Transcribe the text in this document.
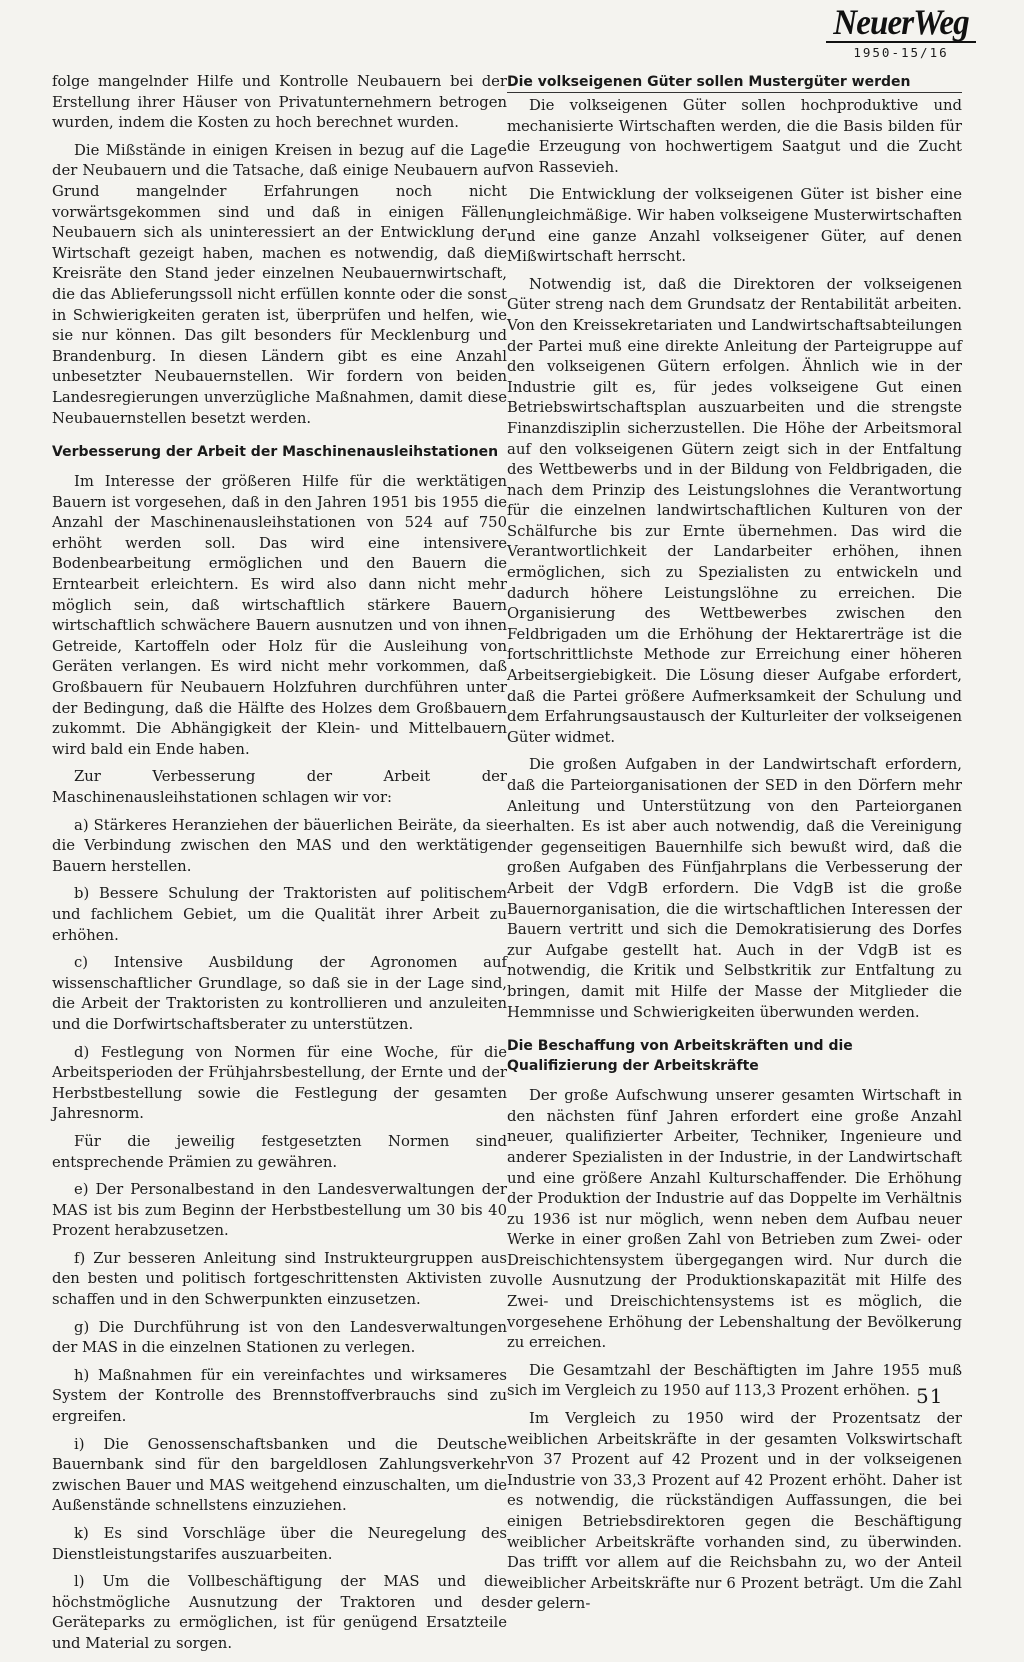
NeuerWeg
1950-15/16

folge mangelnder Hilfe und Kontrolle Neubauern bei der Erstellung ihrer Häuser von Privatunternehmern betrogen wurden, indem die Kosten zu hoch berechnet wurden.

Die Mißstände in einigen Kreisen in bezug auf die Lage der Neubauern und die Tatsache, daß einige Neubauern auf Grund mangelnder Erfahrungen noch nicht vorwärtsgekommen sind und daß in einigen Fällen Neubauern sich als uninteressiert an der Entwicklung der Wirtschaft gezeigt haben, machen es notwendig, daß die Kreisräte den Stand jeder einzelnen Neubauernwirtschaft, die das Ablieferungssoll nicht erfüllen konnte oder die sonst in Schwierigkeiten geraten ist, überprüfen und helfen, wie sie nur können. Das gilt besonders für Mecklenburg und Brandenburg. In diesen Ländern gibt es eine Anzahl unbesetzter Neubauernstellen. Wir fordern von beiden Landesregierungen unverzügliche Maßnahmen, damit diese Neubauernstellen besetzt werden.

Verbesserung der Arbeit der Maschinenausleihstationen

Im Interesse der größeren Hilfe für die werktätigen Bauern ist vorgesehen, daß in den Jahren 1951 bis 1955 die Anzahl der Maschinenausleihstationen von 524 auf 750 erhöht werden soll. Das wird eine intensivere Bodenbearbeitung ermöglichen und den Bauern die Erntearbeit erleichtern. Es wird also dann nicht mehr möglich sein, daß wirtschaftlich stärkere Bauern wirtschaftlich schwächere Bauern ausnutzen und von ihnen Getreide, Kartoffeln oder Holz für die Ausleihung von Geräten verlangen. Es wird nicht mehr vorkommen, daß Großbauern für Neubauern Holzfuhren durchführen unter der Bedingung, daß die Hälfte des Holzes dem Großbauern zukommt. Die Abhängigkeit der Klein- und Mittelbauern wird bald ein Ende haben.

Zur Verbesserung der Arbeit der Maschinenausleihstationen schlagen wir vor:

a) Stärkeres Heranziehen der bäuerlichen Beiräte, da sie die Verbindung zwischen den MAS und den werktätigen Bauern herstellen.

b) Bessere Schulung der Traktoristen auf politischem und fachlichem Gebiet, um die Qualität ihrer Arbeit zu erhöhen.

c) Intensive Ausbildung der Agronomen auf wissenschaftlicher Grundlage, so daß sie in der Lage sind, die Arbeit der Traktoristen zu kontrollieren und anzuleiten und die Dorfwirtschaftsberater zu unterstützen.

d) Festlegung von Normen für eine Woche, für die Arbeitsperioden der Frühjahrsbestellung, der Ernte und der Herbstbestellung sowie die Festlegung der gesamten Jahresnorm.

Für die jeweilig festgesetzten Normen sind entsprechende Prämien zu gewähren.

e) Der Personalbestand in den Landesverwaltungen der MAS ist bis zum Beginn der Herbstbestellung um 30 bis 40 Prozent herabzusetzen.

f) Zur besseren Anleitung sind Instrukteurgruppen aus den besten und politisch fortgeschrittensten Aktivisten zu schaffen und in den Schwerpunkten einzusetzen.

g) Die Durchführung ist von den Landesverwaltungen der MAS in die einzelnen Stationen zu verlegen.

h) Maßnahmen für ein vereinfachtes und wirksameres System der Kontrolle des Brennstoffverbrauchs sind zu ergreifen.

i) Die Genossenschaftsbanken und die Deutsche Bauernbank sind für den bargeldlosen Zahlungsverkehr zwischen Bauer und MAS weitgehend einzuschalten, um die Außenstände schnellstens einzuziehen.

k) Es sind Vorschläge über die Neuregelung des Dienstleistungstarifes auszuarbeiten.

l) Um die Vollbeschäftigung der MAS und die höchstmögliche Ausnutzung der Traktoren und des Geräteparks zu ermöglichen, ist für genügend Ersatzteile und Material zu sorgen.

Die volkseigenen Güter sollen Mustergüter werden

Die volkseigenen Güter sollen hochproduktive und mechanisierte Wirtschaften werden, die die Basis bilden für die Erzeugung von hochwertigem Saatgut und die Zucht von Rassevieh.

Die Entwicklung der volkseigenen Güter ist bisher eine ungleichmäßige. Wir haben volkseigene Musterwirtschaften und eine ganze Anzahl volkseigener Güter, auf denen Mißwirtschaft herrscht.

Notwendig ist, daß die Direktoren der volkseigenen Güter streng nach dem Grundsatz der Rentabilität arbeiten. Von den Kreissekretariaten und Landwirtschaftsabteilungen der Partei muß eine direkte Anleitung der Parteigruppe auf den volkseigenen Gütern erfolgen. Ähnlich wie in der Industrie gilt es, für jedes volkseigene Gut einen Betriebswirtschaftsplan auszuarbeiten und die strengste Finanzdisziplin sicherzustellen. Die Höhe der Arbeitsmoral auf den volkseigenen Gütern zeigt sich in der Entfaltung des Wettbewerbs und in der Bildung von Feldbrigaden, die nach dem Prinzip des Leistungslohnes die Verantwortung für die einzelnen landwirtschaftlichen Kulturen von der Schälfurche bis zur Ernte übernehmen. Das wird die Verantwortlichkeit der Landarbeiter erhöhen, ihnen ermöglichen, sich zu Spezialisten zu entwickeln und dadurch höhere Leistungslöhne zu erreichen. Die Organisierung des Wettbewerbes zwischen den Feldbrigaden um die Erhöhung der Hektarerträge ist die fortschrittlichste Methode zur Erreichung einer höheren Arbeitsergiebigkeit. Die Lösung dieser Aufgabe erfordert, daß die Partei größere Aufmerksamkeit der Schulung und dem Erfahrungsaustausch der Kulturleiter der volkseigenen Güter widmet.

Die großen Aufgaben in der Landwirtschaft erfordern, daß die Parteiorganisationen der SED in den Dörfern mehr Anleitung und Unterstützung von den Parteiorganen erhalten. Es ist aber auch notwendig, daß die Vereinigung der gegenseitigen Bauernhilfe sich bewußt wird, daß die großen Aufgaben des Fünfjahrplans die Verbesserung der Arbeit der VdgB erfordern. Die VdgB ist die große Bauernorganisation, die die wirtschaftlichen Interessen der Bauern vertritt und sich die Demokratisierung des Dorfes zur Aufgabe gestellt hat. Auch in der VdgB ist es notwendig, die Kritik und Selbstkritik zur Entfaltung zu bringen, damit mit Hilfe der Masse der Mitglieder die Hemmnisse und Schwierigkeiten überwunden werden.

Die Beschaffung von Arbeitskräften und die Qualifizierung der Arbeitskräfte

Der große Aufschwung unserer gesamten Wirtschaft in den nächsten fünf Jahren erfordert eine große Anzahl neuer, qualifizierter Arbeiter, Techniker, Ingenieure und anderer Spezialisten in der Industrie, in der Landwirtschaft und eine größere Anzahl Kulturschaffender. Die Erhöhung der Produktion der Industrie auf das Doppelte im Verhältnis zu 1936 ist nur möglich, wenn neben dem Aufbau neuer Werke in einer großen Zahl von Betrieben zum Zwei- oder Dreischichtensystem übergegangen wird. Nur durch die volle Ausnutzung der Produktionskapazität mit Hilfe des Zwei- und Dreischichtensystems ist es möglich, die vorgesehene Erhöhung der Lebenshaltung der Bevölkerung zu erreichen.

Die Gesamtzahl der Beschäftigten im Jahre 1955 muß sich im Vergleich zu 1950 auf 113,3 Prozent erhöhen.

Im Vergleich zu 1950 wird der Prozentsatz der weiblichen Arbeitskräfte in der gesamten Volkswirtschaft von 37 Prozent auf 42 Prozent und in der volkseigenen Industrie von 33,3 Prozent auf 42 Prozent erhöht. Daher ist es notwendig, die rückständigen Auffassungen, die bei einigen Betriebsdirektoren gegen die Beschäftigung weiblicher Arbeitskräfte vorhanden sind, zu überwinden. Das trifft vor allem auf die Reichsbahn zu, wo der Anteil weiblicher Arbeitskräfte nur 6 Prozent beträgt. Um die Zahl der gelern-

51
